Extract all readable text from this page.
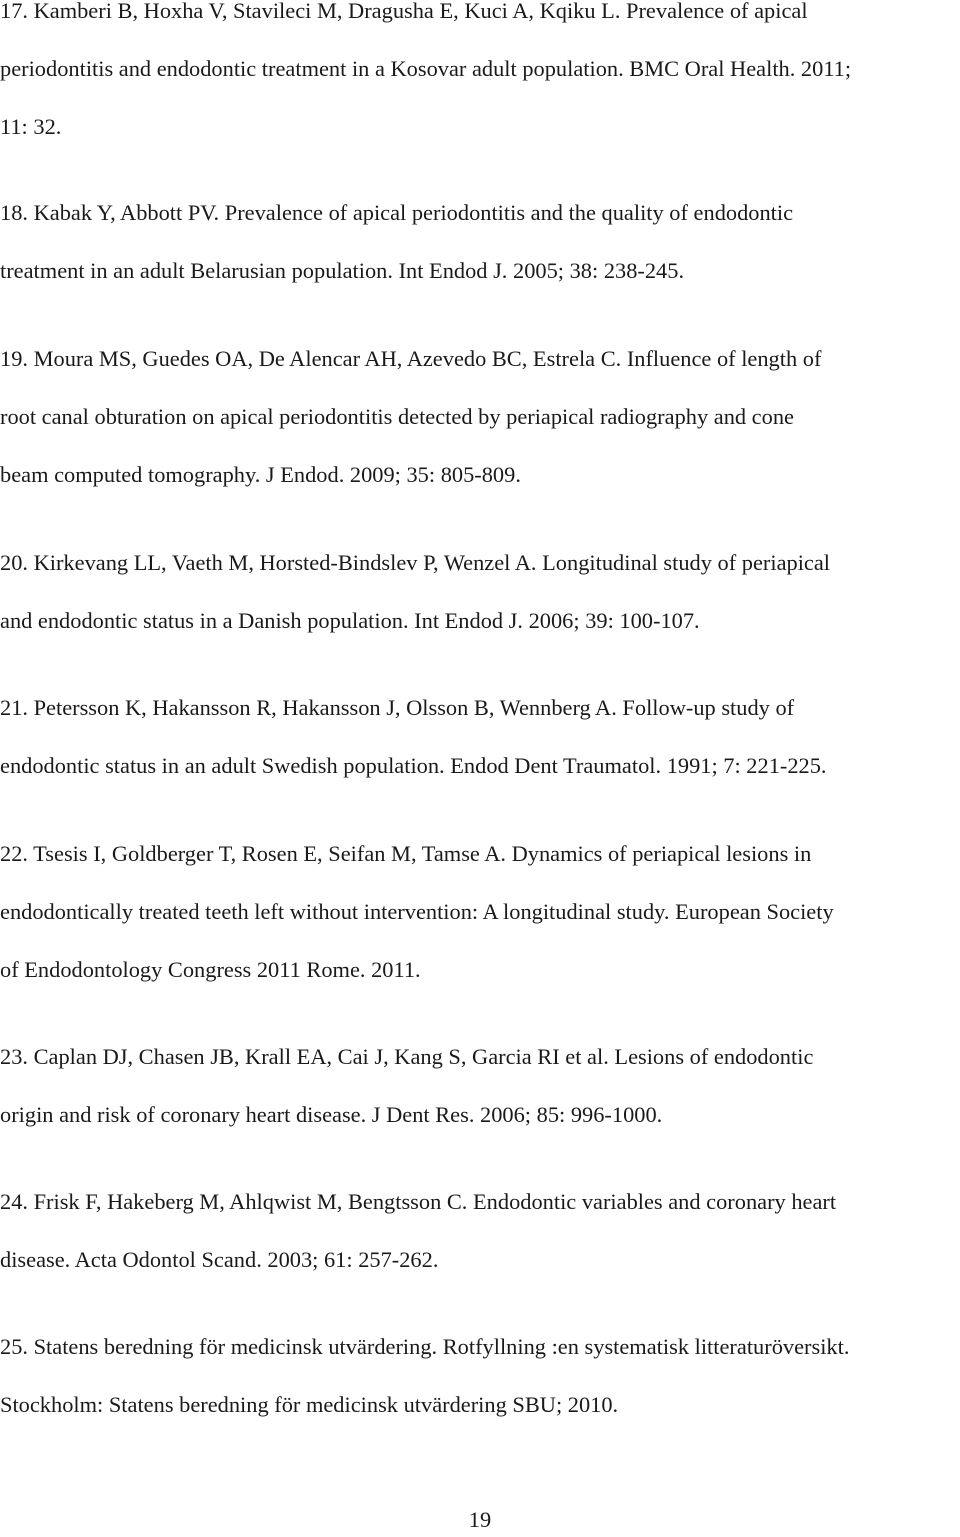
17. Kamberi B, Hoxha V, Stavileci M, Dragusha E, Kuci A, Kqiku L. Prevalence of apical
periodontitis and endodontic treatment in a Kosovar adult population. BMC Oral Health. 2011;
11: 32.

18. Kabak Y, Abbott PV. Prevalence of apical periodontitis and the quality of endodontic
treatment in an adult Belarusian population. Int Endod J. 2005; 38: 238-245.

19. Moura MS, Guedes OA, De Alencar AH, Azevedo BC, Estrela C. Influence of length of
root canal obturation on apical periodontitis detected by periapical radiography and cone
beam computed tomography. J Endod. 2009; 35: 805-809.

20. Kirkevang LL, Vaeth M, Horsted-Bindslev P, Wenzel A. Longitudinal study of periapical
and endodontic status in a Danish population. Int Endod J. 2006; 39: 100-107.

21. Petersson K, Hakansson R, Hakansson J, Olsson B, Wennberg A. Follow-up study of
endodontic status in an adult Swedish population. Endod Dent Traumatol. 1991; 7: 221-225.

22. Tsesis I, Goldberger T, Rosen E, Seifan M, Tamse A. Dynamics of periapical lesions in
endodontically treated teeth left without intervention: A longitudinal study. European Society
of Endodontology Congress 2011 Rome. 2011.

23. Caplan DJ, Chasen JB, Krall EA, Cai J, Kang S, Garcia RI et al. Lesions of endodontic
origin and risk of coronary heart disease. J Dent Res. 2006; 85: 996-1000.

24. Frisk F, Hakeberg M, Ahlqwist M, Bengtsson C. Endodontic variables and coronary heart
disease. Acta Odontol Scand. 2003; 61: 257-262.

25. Statens beredning för medicinsk utvärdering. Rotfyllning :en systematisk litteraturöversikt.
Stockholm: Statens beredning för medicinsk utvärdering SBU; 2010.

19
